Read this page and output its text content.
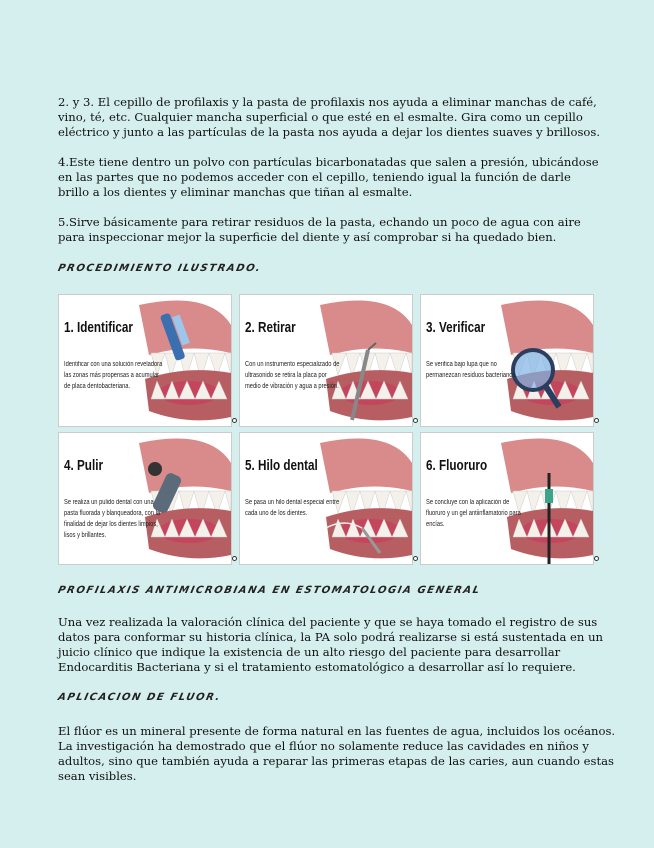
2. y 3. El cepillo de profilaxis y la pasta de profilaxis nos ayuda a eliminar manchas de café, vino, té, etc. Cualquier mancha superficial o que esté en el esmalte. Gira como un cepillo eléctrico y junto a las partículas de la pasta nos ayuda a dejar los dientes suaves y brillosos.

4.Este tiene dentro un polvo con partículas bicarbonatadas que salen a presión, ubicándose en las partes que no podemos acceder con el cepillo, teniendo igual la función de darle brillo a los dientes y eliminar manchas que tiñan al esmalte.

5.Sirve básicamente para retirar residuos de la pasta, echando un poco de agua con aire para inspeccionar mejor la superficie del diente y así comprobar si ha quedado bien.

PROCEDIMIENTO ILUSTRADO.
1. Identificar
Identificar con una solución reveladora las zonas más propensas a acumular de placa dentobacteriana.
2. Retirar
Con un instrumento especializado de ultrasonido se retira la placa por medio de vibración y agua a presión.
3. Verificar
Se verifica bajo lupa que no permanezcan residuos bacterianos.
4. Pulir
Se realiza un pulido dental con una pasta fluorada y blanqueadora, con la finalidad de dejar los dientes limpios, lisos y brillantes.
5. Hilo dental
Se pasa un hilo dental especial entre cada uno de los dientes.
6. Fluoruro
Se concluye con la aplicación de fluoruro y un gel antiinflamatorio para encías.
PROFILAXIS ANTIMICROBIANA EN ESTOMATOLOGIA GENERAL

Una vez realizada la valoración clínica del paciente y que se haya tomado el registro de sus datos para conformar su historia clínica, la PA solo podrá realizarse si está sustentada en un juicio clínico que indique la existencia de un alto riesgo del paciente para desarrollar Endocarditis Bacteriana y si el tratamiento estomatológico a desarrollar así lo requiere.

APLICACION DE FLUOR.

El flúor es un mineral presente de forma natural en las fuentes de agua, incluidos los océanos.

La investigación ha demostrado que el flúor no solamente reduce las cavidades en niños y adultos, sino que también ayuda a reparar las primeras etapas de las caries, aun cuando estas sean visibles.
